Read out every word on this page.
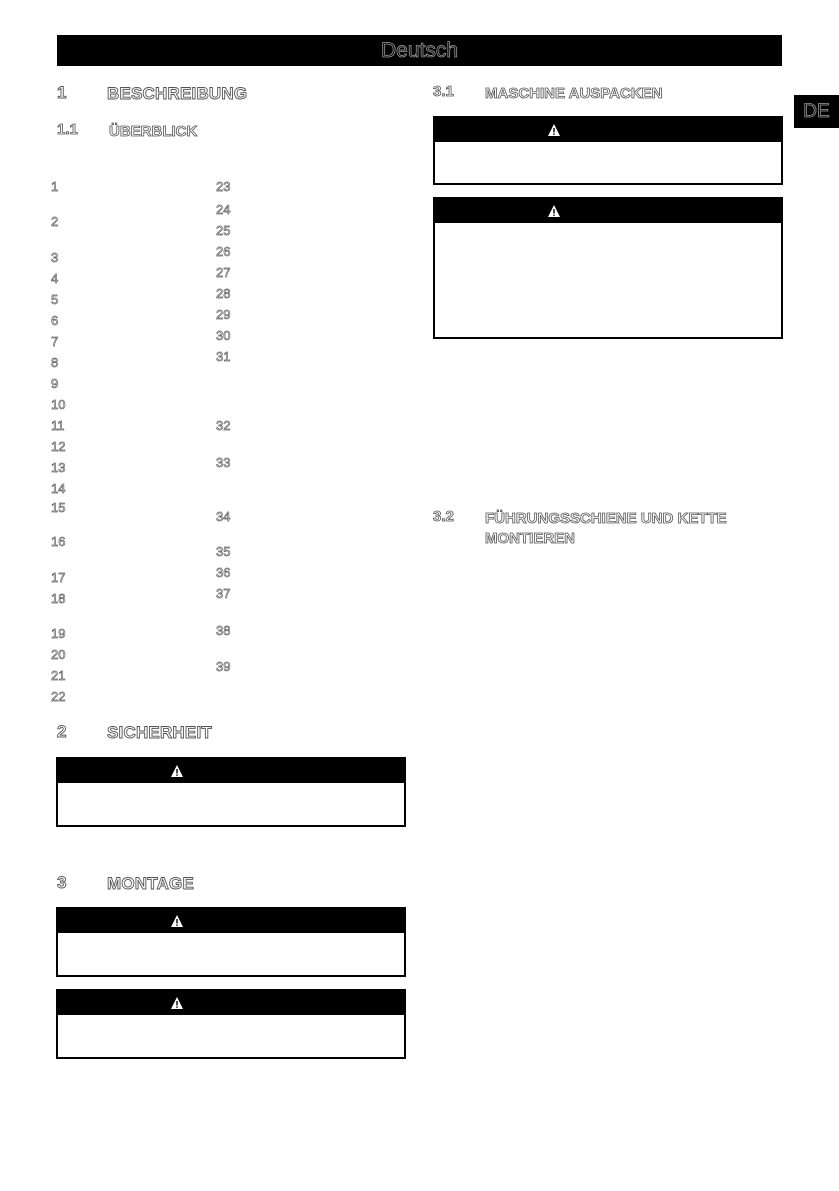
Deutsch
DE
1 BESCHREIBUNG
1.1 ÜBERBLICK
1
2
3
4
5
6
7
8
9
10
11
12
13
14
15
16
17
18
19
20
21
22
23
24
25
26
27
28
29
30
31
32
33
34
35
36
37
38
39
2 SICHERHEIT
3 MONTAGE
3.1 MASCHINE AUSPACKEN
3.2 FÜHRUNGSSCHIENE UND KETTE
MONTIEREN
